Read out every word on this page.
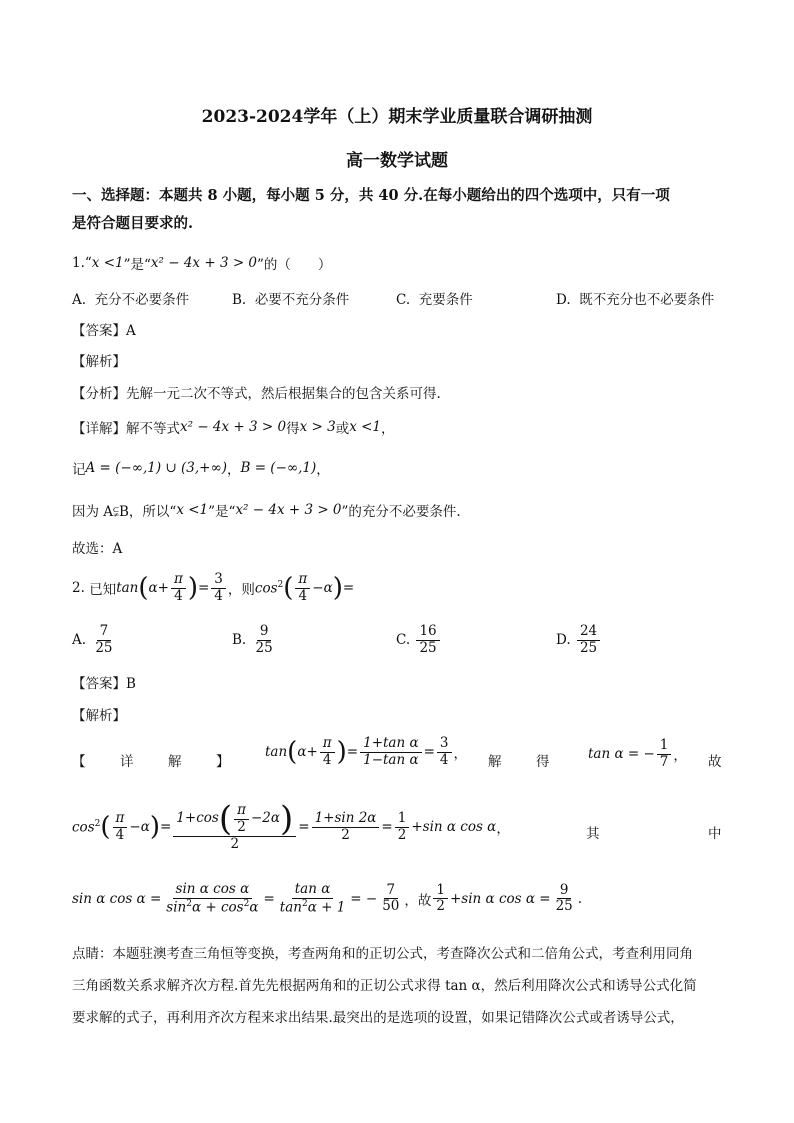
2023-2024学年（上）期末学业质量联合调研抽测
高一数学试题
一、选择题：本题共 8 小题，每小题 5 分，共 40 分.在每小题给出的四个选项中，只有一项
是符合题目要求的.
1. “ x <1 ”是“ x² − 4x + 3 > 0 ”的（　　）
A. 充分不必要条件	B. 必要不充分条件	C. 充要条件	D. 既不充分也不必要条件
【答案】A
【解析】
【分析】先解一元二次不等式，然后根据集合的包含关系可得.
【详解】解不等式 x² − 4x + 3 > 0 得 x > 3 或 x <1 ，
记 A = (−∞,1) ∪ (3,+∞) ， B = (−∞,1) ，
因为 A⫋B，所以“ x <1 ”是“ x² − 4x + 3 > 0 ”的充分不必要条件.
故选：A
2.
已知 tan ( $\alpha+ \frac{\pi}{4}$ ) = $\frac{3}{4}$ ，则 $\cos^2$ ( $\frac{\pi}{4} -\alpha$ ) =
A.
$\frac{7}{25}$	B.
$\frac{9}{25}$	C.
$\frac{16}{25}$	D.
$\frac{24}{25}$
【答案】B
【解析】
【	详	解	】
tan ( $\alpha+ \frac{\pi}{4}$ ) = $\frac{\text{1+tan α}}{\text{1−tan α}} = \frac{3}{4}$ ， 解	得	tan α = − $\frac{1}{7}$ ， 故
$\cos^2$ ( $\frac{\pi}{4} -\alpha$ ) = $\frac{1+\cos ( \frac{\pi}{2} -2\alpha )}{2} = \frac{1+\sin 2\alpha}{2} = \frac{1}{2} +\sin$ α cos α ，	其	中
sin α $\cos \alpha = \frac{\text{sin α cos α}}{\sin^2\alpha + \cos^2\alpha} = \frac{\text{tan α}}{\tan^2\alpha + 1}$ = − $\frac{7}{50}$ ，故 $\frac{1}{2} +\sin$ α $\cos \alpha = \frac{9}{25}$ .
点睛：本题驻澳考查三角恒等变换，考查两角和的正切公式，考查降次公式和二倍角公式，考查利用同角
三角函数关系求解齐次方程.首先先根据两角和的正切公式求得 tan α，然后利用降次公式和诱导公式化简
要求解的式子，再利用齐次方程来求出结果.最突出的是选项的设置，如果记错降次公式或者诱导公式，
